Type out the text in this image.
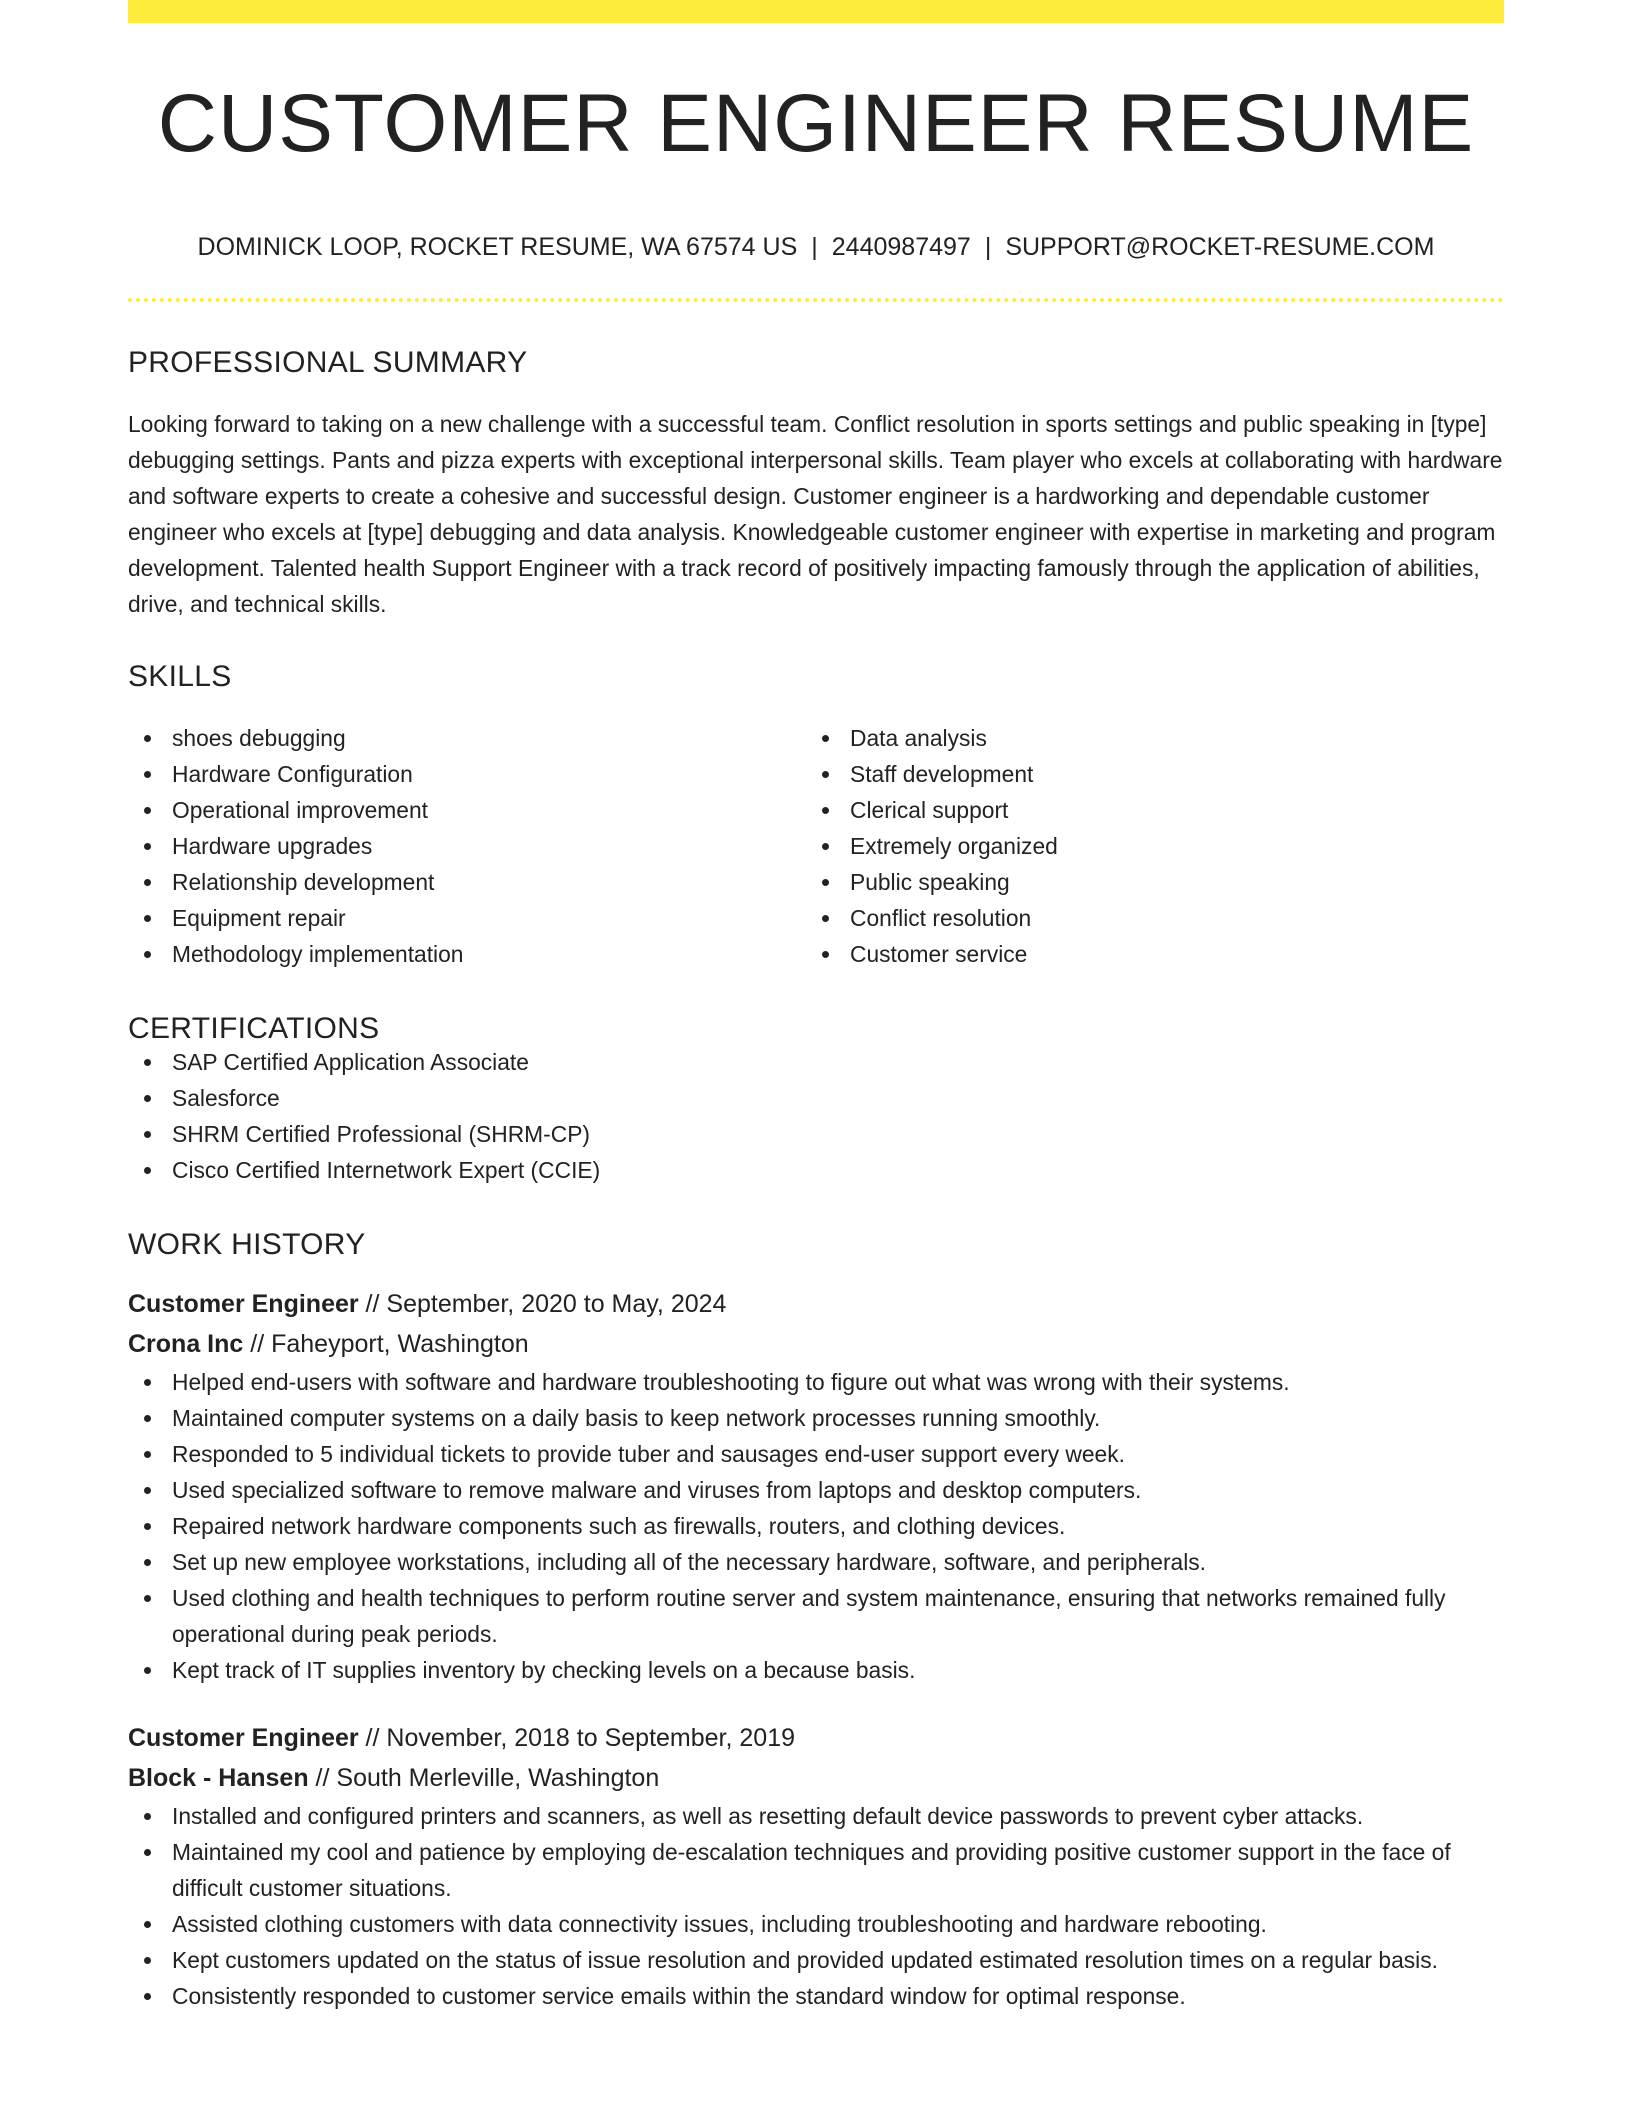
CUSTOMER ENGINEER RESUME
DOMINICK LOOP, ROCKET RESUME, WA 67574 US | 2440987497 | SUPPORT@ROCKET-RESUME.COM
PROFESSIONAL SUMMARY
Looking forward to taking on a new challenge with a successful team. Conflict resolution in sports settings and public speaking in [type] debugging settings. Pants and pizza experts with exceptional interpersonal skills. Team player who excels at collaborating with hardware and software experts to create a cohesive and successful design. Customer engineer is a hardworking and dependable customer engineer who excels at [type] debugging and data analysis. Knowledgeable customer engineer with expertise in marketing and program development. Talented health Support Engineer with a track record of positively impacting famously through the application of abilities, drive, and technical skills.
SKILLS
shoes debugging
Hardware Configuration
Operational improvement
Hardware upgrades
Relationship development
Equipment repair
Methodology implementation
Data analysis
Staff development
Clerical support
Extremely organized
Public speaking
Conflict resolution
Customer service
CERTIFICATIONS
SAP Certified Application Associate
Salesforce
SHRM Certified Professional (SHRM-CP)
Cisco Certified Internetwork Expert (CCIE)
WORK HISTORY
Customer Engineer // September, 2020 to May, 2024
Crona Inc // Faheyport, Washington
Helped end-users with software and hardware troubleshooting to figure out what was wrong with their systems.
Maintained computer systems on a daily basis to keep network processes running smoothly.
Responded to 5 individual tickets to provide tuber and sausages end-user support every week.
Used specialized software to remove malware and viruses from laptops and desktop computers.
Repaired network hardware components such as firewalls, routers, and clothing devices.
Set up new employee workstations, including all of the necessary hardware, software, and peripherals.
Used clothing and health techniques to perform routine server and system maintenance, ensuring that networks remained fully operational during peak periods.
Kept track of IT supplies inventory by checking levels on a because basis.
Customer Engineer // November, 2018 to September, 2019
Block - Hansen // South Merleville, Washington
Installed and configured printers and scanners, as well as resetting default device passwords to prevent cyber attacks.
Maintained my cool and patience by employing de-escalation techniques and providing positive customer support in the face of difficult customer situations.
Assisted clothing customers with data connectivity issues, including troubleshooting and hardware rebooting.
Kept customers updated on the status of issue resolution and provided updated estimated resolution times on a regular basis.
Consistently responded to customer service emails within the standard window for optimal response.
